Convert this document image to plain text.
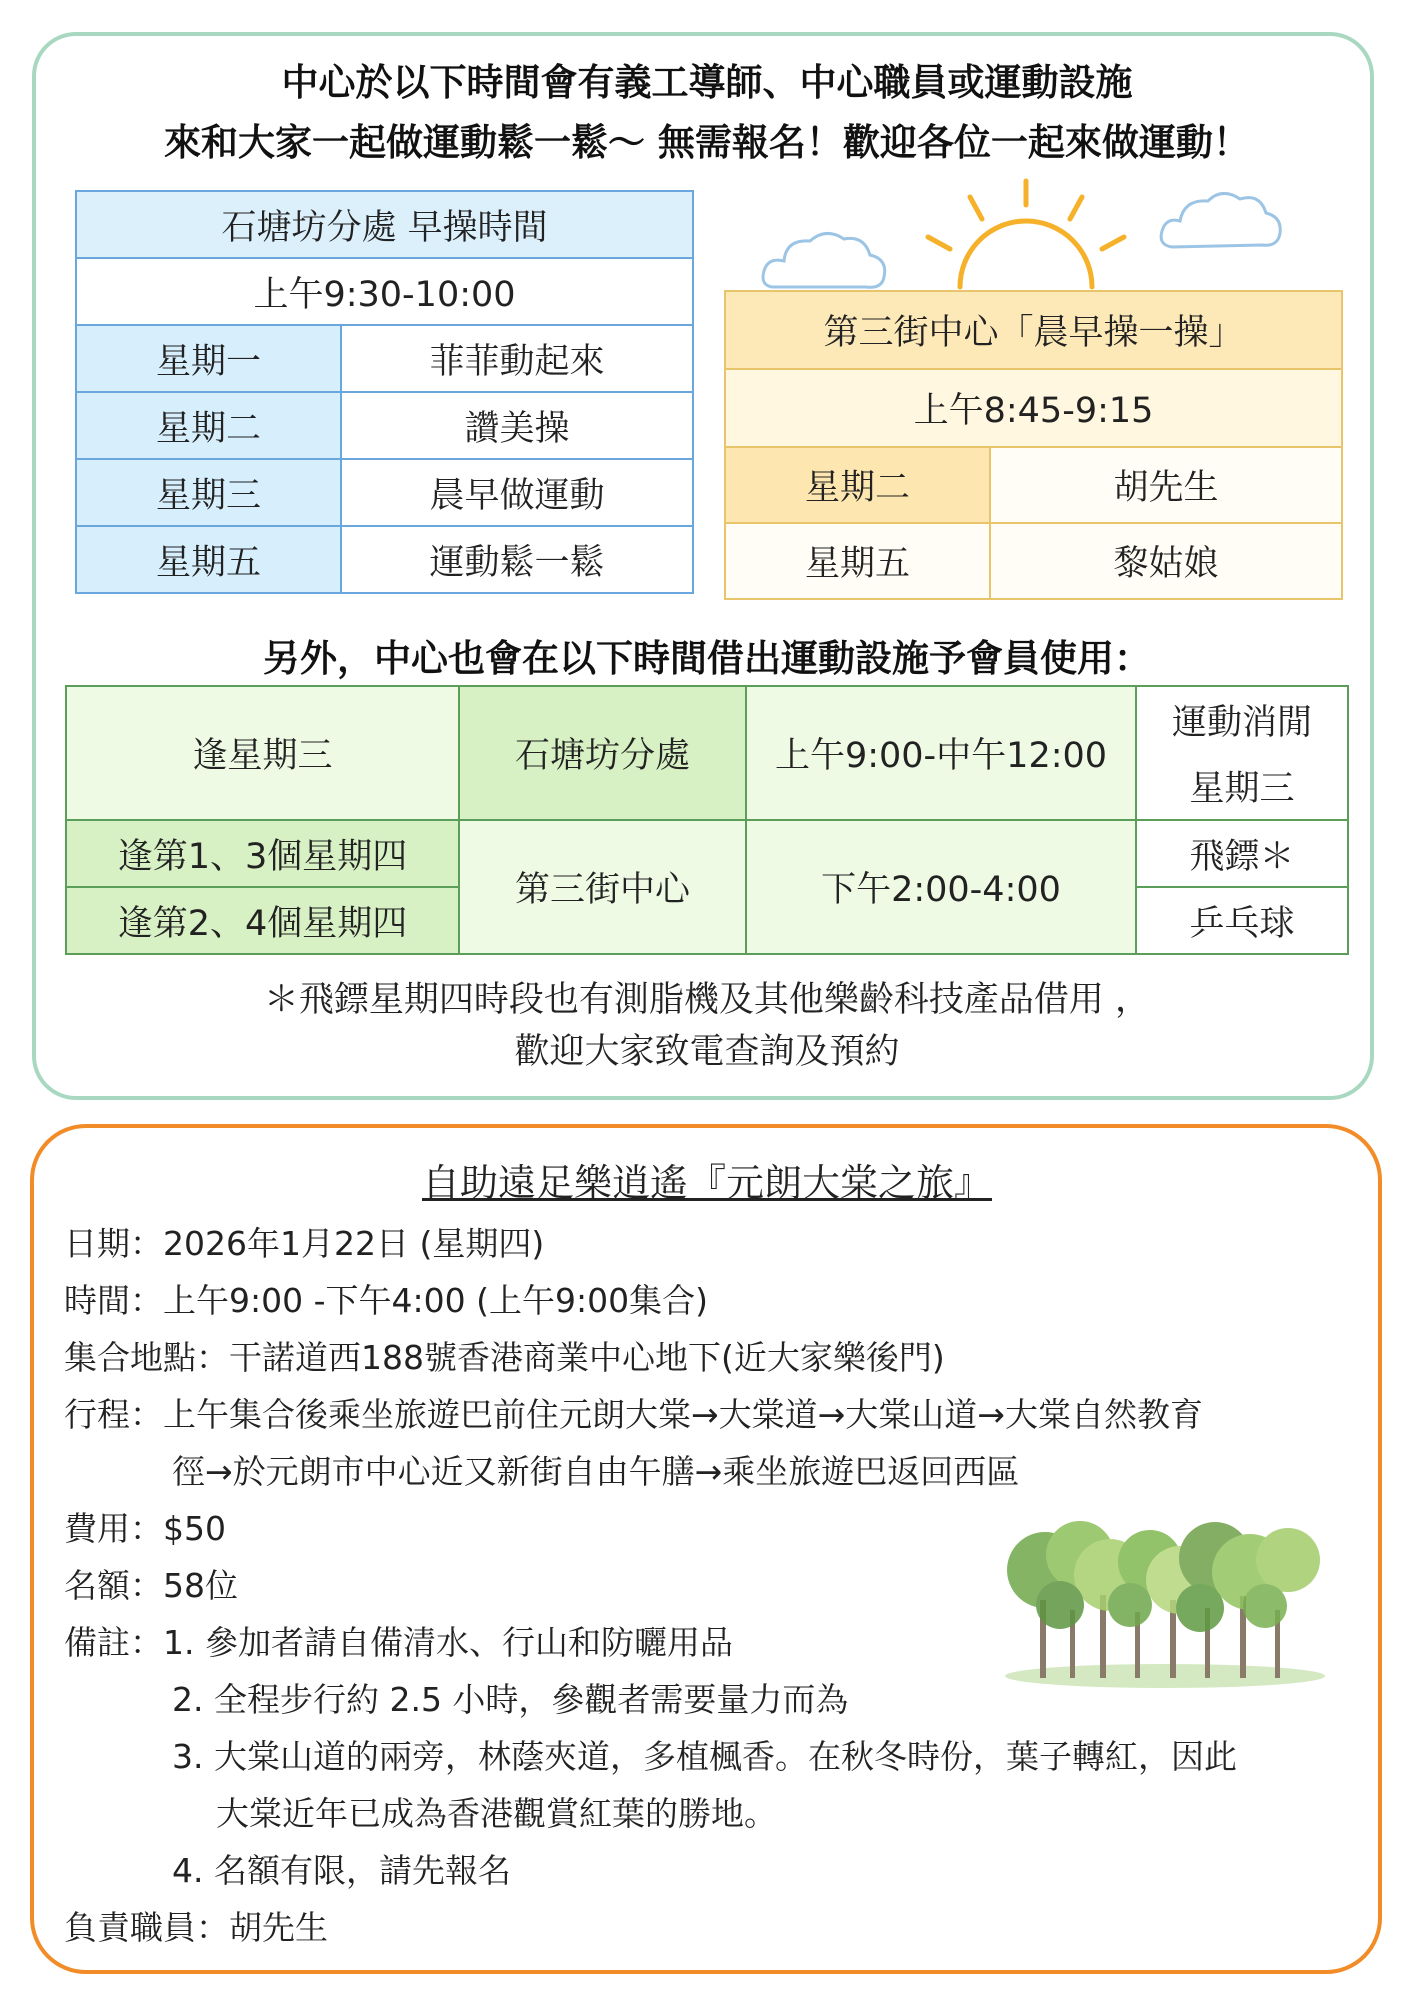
中心於以下時間會有義工導師、中心職員或運動設施
來和大家一起做運動鬆一鬆～ 無需報名！歡迎各位一起來做運動！
石塘坊分處 早操時間	
上午9:30-10:00	
星期一	菲菲動起來
星期二	讚美操
星期三	晨早做運動
星期五	運動鬆一鬆
第三街中心「晨早操一操」	
上午8:45-9:15	
星期二	胡先生
星期五	黎姑娘
另外，中心也會在以下時間借出運動設施予會員使用：
逢星期三	石塘坊分處	上午9:00-中午12:00	運動消閒
			星期三
逢第1、3個星期四	第三街中心	下午2:00-4:00	飛鏢＊
逢第2、4個星期四			乒乓球
＊飛鏢星期四時段也有測脂機及其他樂齡科技產品借用 ，
歡迎大家致電查詢及預約
自助遠足樂逍遙『元朗大棠之旅』
日期：2026年1月22日 (星期四)
時間：上午9:00 -下午4:00 (上午9:00集合)
集合地點：干諾道西188號香港商業中心地下(近大家樂後門)
行程：上午集合後乘坐旅遊巴前住元朗大棠→大棠道→大棠山道→大棠自然教育
徑→於元朗市中心近又新街自由午膳→乘坐旅遊巴返回西區
費用：$50
名額：58位
備註：1. 參加者請自備清水、行山和防曬用品
2. 全程步行約 2.5 小時，參觀者需要量力而為
3. 大棠山道的兩旁，林蔭夾道，多植楓香。在秋冬時份，葉子轉紅，因此
大棠近年已成為香港觀賞紅葉的勝地。
4. 名額有限，請先報名
負責職員：胡先生
